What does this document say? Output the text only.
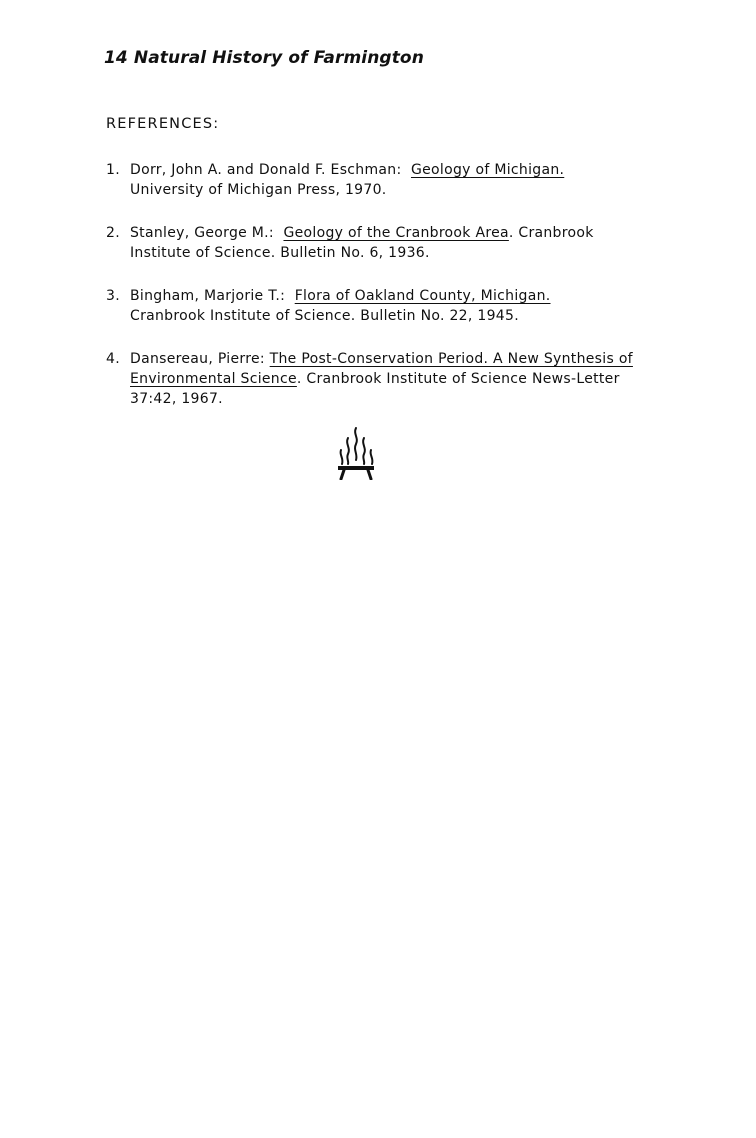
14 Natural History of Farmington
REFERENCES:
1. Dorr, John A. and Donald F. Eschman: Geology of Michigan.
University of Michigan Press, 1970.
2. Stanley, George M.: Geology of the Cranbrook Area. Cranbrook Institute of Science. Bulletin No. 6, 1936.
3. Bingham, Marjorie T.: Flora of Oakland County, Michigan.
Cranbrook Institute of Science. Bulletin No. 22, 1945.
4. Dansereau, Pierre: The Post-Conservation Period. A New Synthesis of Environmental Science. Cranbrook Institute of Science News-Letter 37:42, 1967.
